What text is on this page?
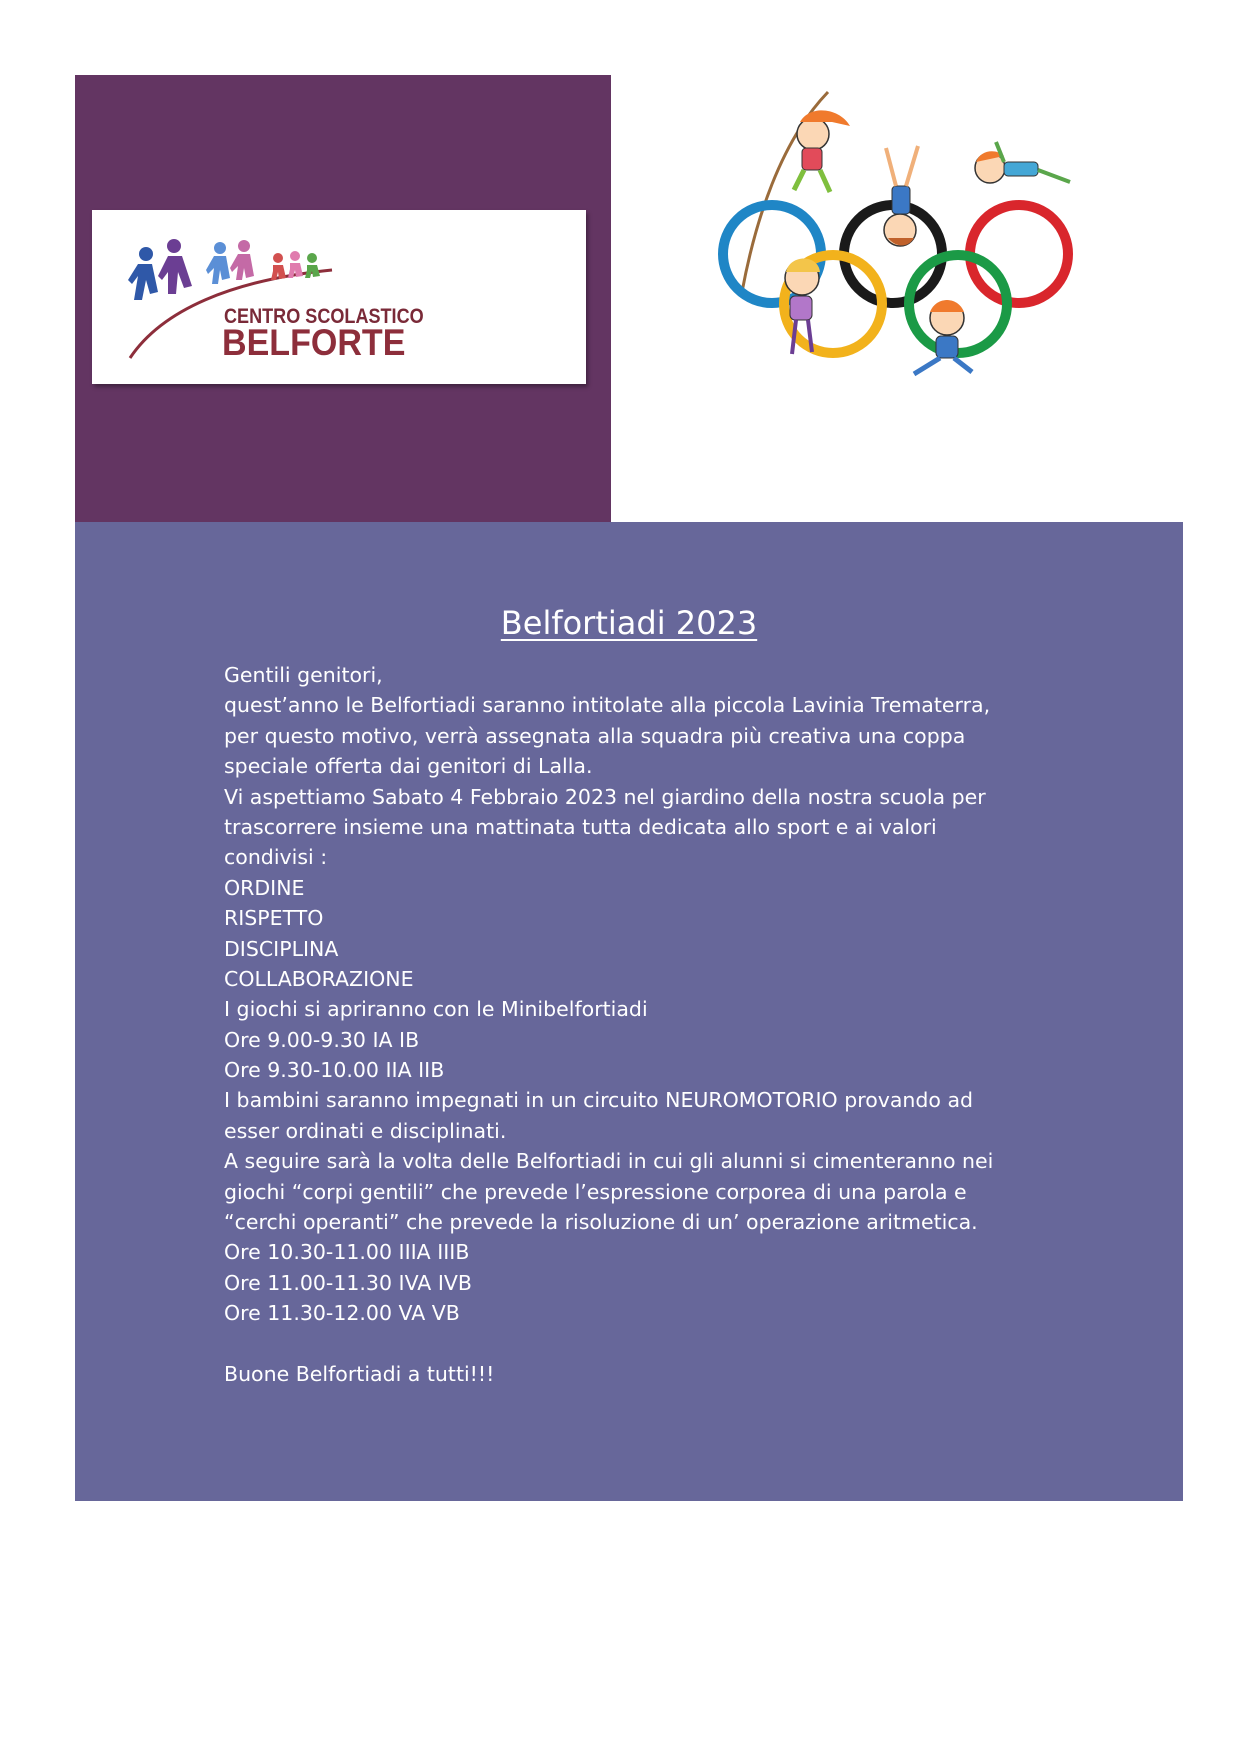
CENTRO SCOLASTICO
BELFORTE
Belfortiadi 2023
Gentili genitori,
quest’anno le Belfortiadi saranno intitolate alla piccola Lavinia Trematerra,
per questo motivo, verrà assegnata alla squadra più creativa una coppa
speciale offerta dai genitori di Lalla.
Vi aspettiamo Sabato 4 Febbraio 2023 nel giardino della nostra scuola per
trascorrere insieme una mattinata tutta dedicata allo sport e ai valori
condivisi :
ORDINE
RISPETTO
DISCIPLINA
COLLABORAZIONE
I giochi si apriranno con le Minibelfortiadi
Ore 9.00-9.30 IA IB
Ore 9.30-10.00 IIA IIB
I bambini saranno impegnati in un circuito NEUROMOTORIO provando ad
esser ordinati e disciplinati.
A seguire sarà la volta delle Belfortiadi in cui gli alunni si cimenteranno nei
giochi “corpi gentili” che prevede l’espressione corporea di una parola e
“cerchi operanti” che prevede la risoluzione di un’ operazione aritmetica.
Ore 10.30-11.00 IIIA IIIB
Ore 11.00-11.30 IVA IVB
Ore 11.30-12.00 VA VB
Buone Belfortiadi a tutti!!!
